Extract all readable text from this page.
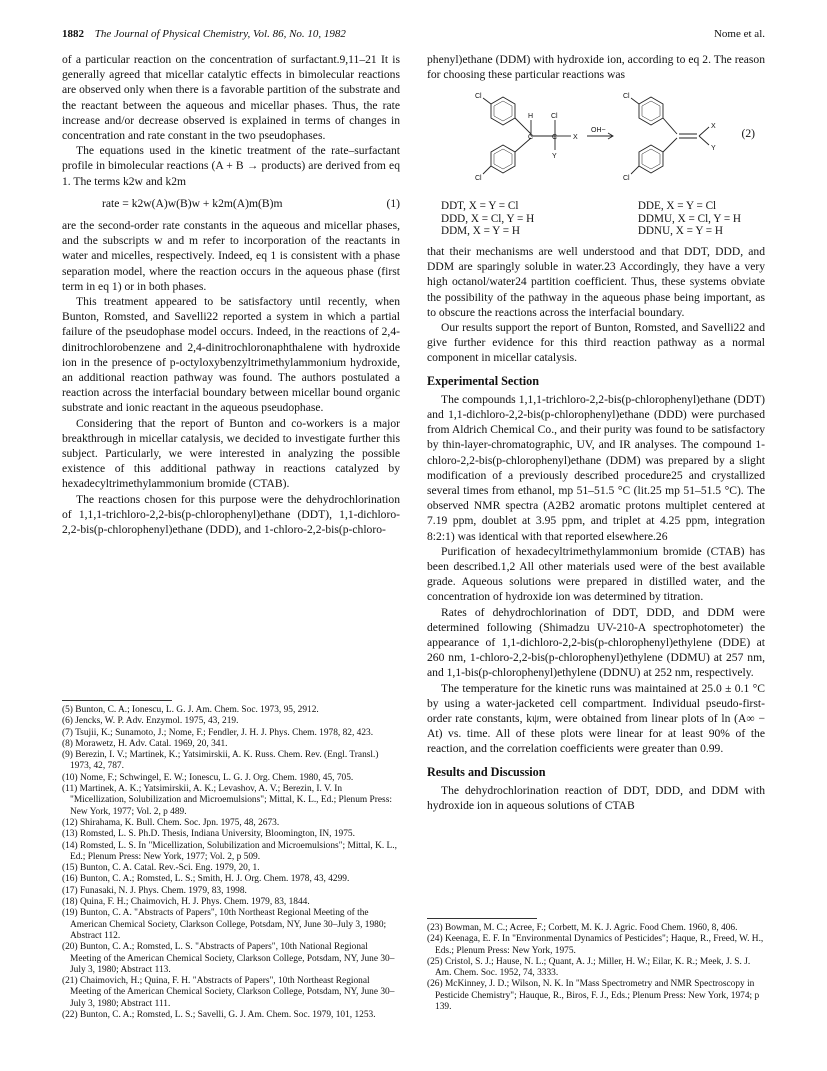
1882 The Journal of Physical Chemistry, Vol. 86, No. 10, 1982	Nome et al.

of a particular reaction on the concentration of surfactant.9,11–21 It is generally agreed that micellar catalytic effects in bimolecular reactions are observed only when there is a favorable partition of the substrate and the reactant between the aqueous and micellar phases. Thus, the rate increase and/or decrease observed is explained in terms of changes in concentration and rate constant in the two pseudophases.

The equations used in the kinetic treatment of the rate–surfactant profile in bimolecular reactions (A + B → products) are derived from eq 1. The terms k2w and k2m

rate = k2w(A)w(B)w + k2m(A)m(B)m	(1)

are the second-order rate constants in the aqueous and micellar phases, and the subscripts w and m refer to incorporation of the reactants in water and micelles, respectively. Indeed, eq 1 is consistent with a phase separation model, where the reaction occurs in the aqueous phase (first term in eq 1) or in both phases.

This treatment appeared to be satisfactory until recently, when Bunton, Romsted, and Savelli22 reported a system in which a partial failure of the pseudophase model occurs. Indeed, in the reactions of 2,4-dinitrochlorobenzene and 2,4-dinitrochloronaphthalene with hydroxide ion in the presence of p-octyloxybenzyltrimethylammonium hydroxide, an additional reaction pathway was found. The authors postulated a reaction across the interfacial boundary between micellar bound organic substrate and ionic reactant in the aqueous pseudophase.

Considering that the report of Bunton and co-workers is a major breakthrough in micellar catalysis, we decided to investigate further this subject. Particularly, we were interested in analyzing the possible existence of this additional pathway in reactions catalyzed by hexadecyltrimethylammonium bromide (CTAB).

The reactions chosen for this purpose were the dehydrochlorination of 1,1,1-trichloro-2,2-bis(p-chlorophenyl)ethane (DDT), 1,1-dichloro-2,2-bis(p-chlorophenyl)ethane (DDD), and 1-chloro-2,2-bis(p-chloro-

(5) Bunton, C. A.; Ionescu, L. G. J. Am. Chem. Soc. 1973, 95, 2912.

(6) Jencks, W. P. Adv. Enzymol. 1975, 43, 219.

(7) Tsujii, K.; Sunamoto, J.; Nome, F.; Fendler, J. H. J. Phys. Chem. 1978, 82, 423.

(8) Morawetz, H. Adv. Catal. 1969, 20, 341.

(9) Berezin, I. V.; Martinek, K.; Yatsimirskii, A. K. Russ. Chem. Rev. (Engl. Transl.) 1973, 42, 787.

(10) Nome, F.; Schwingel, E. W.; Ionescu, L. G. J. Org. Chem. 1980, 45, 705.

(11) Martinek, A. K.; Yatsimirskii, A. K.; Levashov, A. V.; Berezin, I. V. In "Micellization, Solubilization and Microemulsions"; Mittal, K. L., Ed.; Plenum Press: New York, 1977; Vol. 2, p 489.

(12) Shirahama, K. Bull. Chem. Soc. Jpn. 1975, 48, 2673.

(13) Romsted, L. S. Ph.D. Thesis, Indiana University, Bloomington, IN, 1975.

(14) Romsted, L. S. In "Micellization, Solubilization and Microemulsions"; Mittal, K. L., Ed.; Plenum Press: New York, 1977; Vol. 2, p 509.

(15) Bunton, C. A. Catal. Rev.-Sci. Eng. 1979, 20, 1.

(16) Bunton, C. A.; Romsted, L. S.; Smith, H. J. Org. Chem. 1978, 43, 4299.

(17) Funasaki, N. J. Phys. Chem. 1979, 83, 1998.

(18) Quina, F. H.; Chaimovich, H. J. Phys. Chem. 1979, 83, 1844.

(19) Bunton, C. A. "Abstracts of Papers", 10th Northeast Regional Meeting of the American Chemical Society, Clarkson College, Potsdam, NY, June 30–July 3, 1980; Abstract 112.

(20) Bunton, C. A.; Romsted, L. S. "Abstracts of Papers", 10th National Regional Meeting of the American Chemical Society, Clarkson College, Potsdam, NY, June 30–July 3, 1980; Abstract 113.

(21) Chaimovich, H.; Quina, F. H. "Abstracts of Papers", 10th Northeast Regional Meeting of the American Chemical Society, Clarkson College, Potsdam, NY, June 30–July 3, 1980; Abstract 111.

(22) Bunton, C. A.; Romsted, L. S.; Savelli, G. J. Am. Chem. Soc. 1979, 101, 1253.

phenyl)ethane (DDM) with hydroxide ion, according to eq 2. The reason for choosing these particular reactions was

Cl
Cl
H
C	C
Cl
X
Y
OH−
Cl
Cl
X
Y
(2)
DDT, X = Y = Cl
DDD, X = Cl, Y = H
DDM, X = Y = H
DDE, X = Y = Cl
DDMU, X = Cl, Y = H
DDNU, X = Y = H

that their mechanisms are well understood and that DDT, DDD, and DDM are sparingly soluble in water.23 Accordingly, they have a very high octanol/water24 partition coefficient. Thus, these systems obviate the possibility of the pathway in the aqueous phase being important, as to obscure the reactions across the interfacial boundary.

Our results support the report of Bunton, Romsted, and Savelli22 and give further evidence for this third reaction pathway as a normal component in micellar catalysis.

Experimental Section

The compounds 1,1,1-trichloro-2,2-bis(p-chlorophenyl)ethane (DDT) and 1,1-dichloro-2,2-bis(p-chlorophenyl)ethane (DDD) were purchased from Aldrich Chemical Co., and their purity was found to be satisfactory by thin-layer-chromatographic, UV, and IR analyses. The compound 1-chloro-2,2-bis(p-chlorophenyl)ethane (DDM) was prepared by a slight modification of a previously described procedure25 and crystallized several times from ethanol, mp 51–51.5 °C (lit.25 mp 51–51.5 °C). The observed NMR spectra (A2B2 aromatic protons multiplet centered at 7.19 ppm, doublet at 3.95 ppm, and triplet at 4.25 ppm, integration 8:2:1) was identical with that reported elsewhere.26

Purification of hexadecyltrimethylammonium bromide (CTAB) has been described.1,2 All other materials used were of the best available grade. Aqueous solutions were prepared in distilled water, and the concentration of hydroxide ion was determined by titration.

Rates of dehydrochlorination of DDT, DDD, and DDM were determined following (Shimadzu UV-210-A spectrophotometer) the appearance of 1,1-dichloro-2,2-bis(p-chlorophenyl)ethylene (DDE) at 260 nm, 1-chloro-2,2-bis(p-chlorophenyl)ethylene (DDMU) at 257 nm, and 1,1-bis(p-chlorophenyl)ethylene (DDNU) at 252 nm, respectively.

The temperature for the kinetic runs was maintained at 25.0 ± 0.1 °C by using a water-jacketed cell compartment. Individual pseudo-first-order rate constants, kψm, were obtained from linear plots of ln (A∞ − At) vs. time. All of these plots were linear for at least 90% of the reaction, and the correlation coefficients were greater than 0.99.

Results and Discussion

The dehydrochlorination reaction of DDT, DDD, and DDM with hydroxide ion in aqueous solutions of CTAB

(23) Bowman, M. C.; Acree, F.; Corbett, M. K. J. Agric. Food Chem. 1960, 8, 406.

(24) Keenaga, E. F. In "Environmental Dynamics of Pesticides"; Haque, R., Freed, W. H., Eds.; Plenum Press: New York, 1975.

(25) Cristol, S. J.; Hause, N. L.; Quant, A. J.; Miller, H. W.; Eilar, K. R.; Meek, J. S. J. Am. Chem. Soc. 1952, 74, 3333.

(26) McKinney, J. D.; Wilson, N. K. In "Mass Spectrometry and NMR Spectroscopy in Pesticide Chemistry"; Hauque, R., Biros, F. J., Eds.; Plenum Press: New York, 1974; p 139.
